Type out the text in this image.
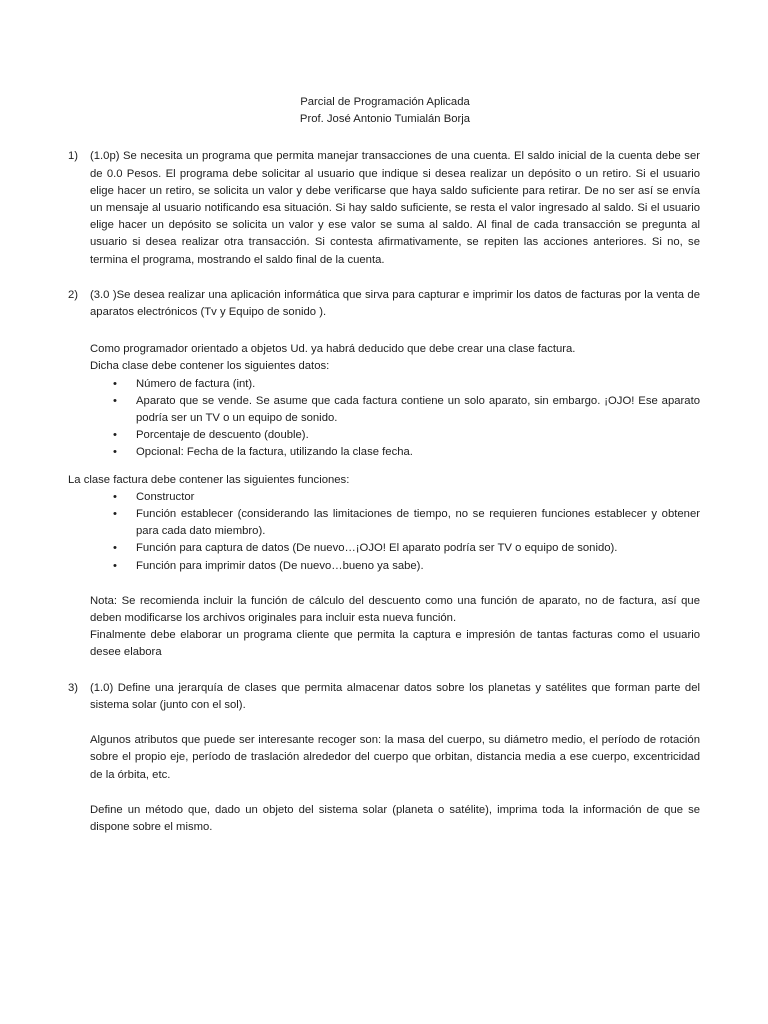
Parcial de Programación Aplicada
Prof. José Antonio Tumialán Borja
1)	(1.0p) Se necesita un programa que permita manejar transacciones de una cuenta. El saldo inicial de la cuenta debe ser de 0.0 Pesos. El programa debe solicitar al usuario que indique si desea realizar un depósito o un retiro. Si el usuario elige hacer un retiro, se solicita un valor y debe verificarse que haya saldo suficiente para retirar. De no ser así se envía un mensaje al usuario notificando esa situación. Si hay saldo suficiente, se resta el valor ingresado al saldo. Si el usuario elige hacer un depósito se solicita un valor y ese valor se suma al saldo. Al final de cada transacción se pregunta al usuario si desea realizar otra transacción. Si contesta afirmativamente, se repiten las acciones anteriores. Si no, se termina el programa, mostrando el saldo final de la cuenta.
2)	(3.0 )Se desea realizar una aplicación informática que sirva para capturar e imprimir los datos de facturas por la venta de aparatos electrónicos (Tv y Equipo de sonido ).
Como programador orientado a objetos Ud. ya habrá deducido que debe crear una clase factura.
Dicha clase debe contener los siguientes datos:
• Número de factura (int).
• Aparato que se vende. Se asume que cada factura contiene un solo aparato, sin embargo. ¡OJO! Ese aparato podría ser un TV o un equipo de sonido.
• Porcentaje de descuento (double).
• Opcional: Fecha de la factura, utilizando la clase fecha.
La clase factura debe contener las siguientes funciones:
• Constructor
• Función establecer (considerando las limitaciones de tiempo, no se requieren funciones establecer y obtener para cada dato miembro).
• Función para captura de datos (De nuevo…¡OJO! El aparato podría ser TV o equipo de sonido).
• Función para imprimir datos (De nuevo…bueno ya sabe).
Nota: Se recomienda incluir la función de cálculo del descuento como una función de aparato, no de factura, así que deben modificarse los archivos originales para incluir esta nueva función.
Finalmente debe elaborar un programa cliente que permita la captura e impresión de tantas facturas como el usuario desee elabora
3)	(1.0) Define una jerarquía de clases que permita almacenar datos sobre los planetas y satélites que forman parte del sistema solar (junto con el sol).
Algunos atributos que puede ser interesante recoger son: la masa del cuerpo, su diámetro medio, el período de rotación sobre el propio eje, período de traslación alrededor del cuerpo que orbitan, distancia media a ese cuerpo, excentricidad de la órbita, etc.
Define un método que, dado un objeto del sistema solar (planeta o satélite), imprima toda la información de que se dispone sobre el mismo.
